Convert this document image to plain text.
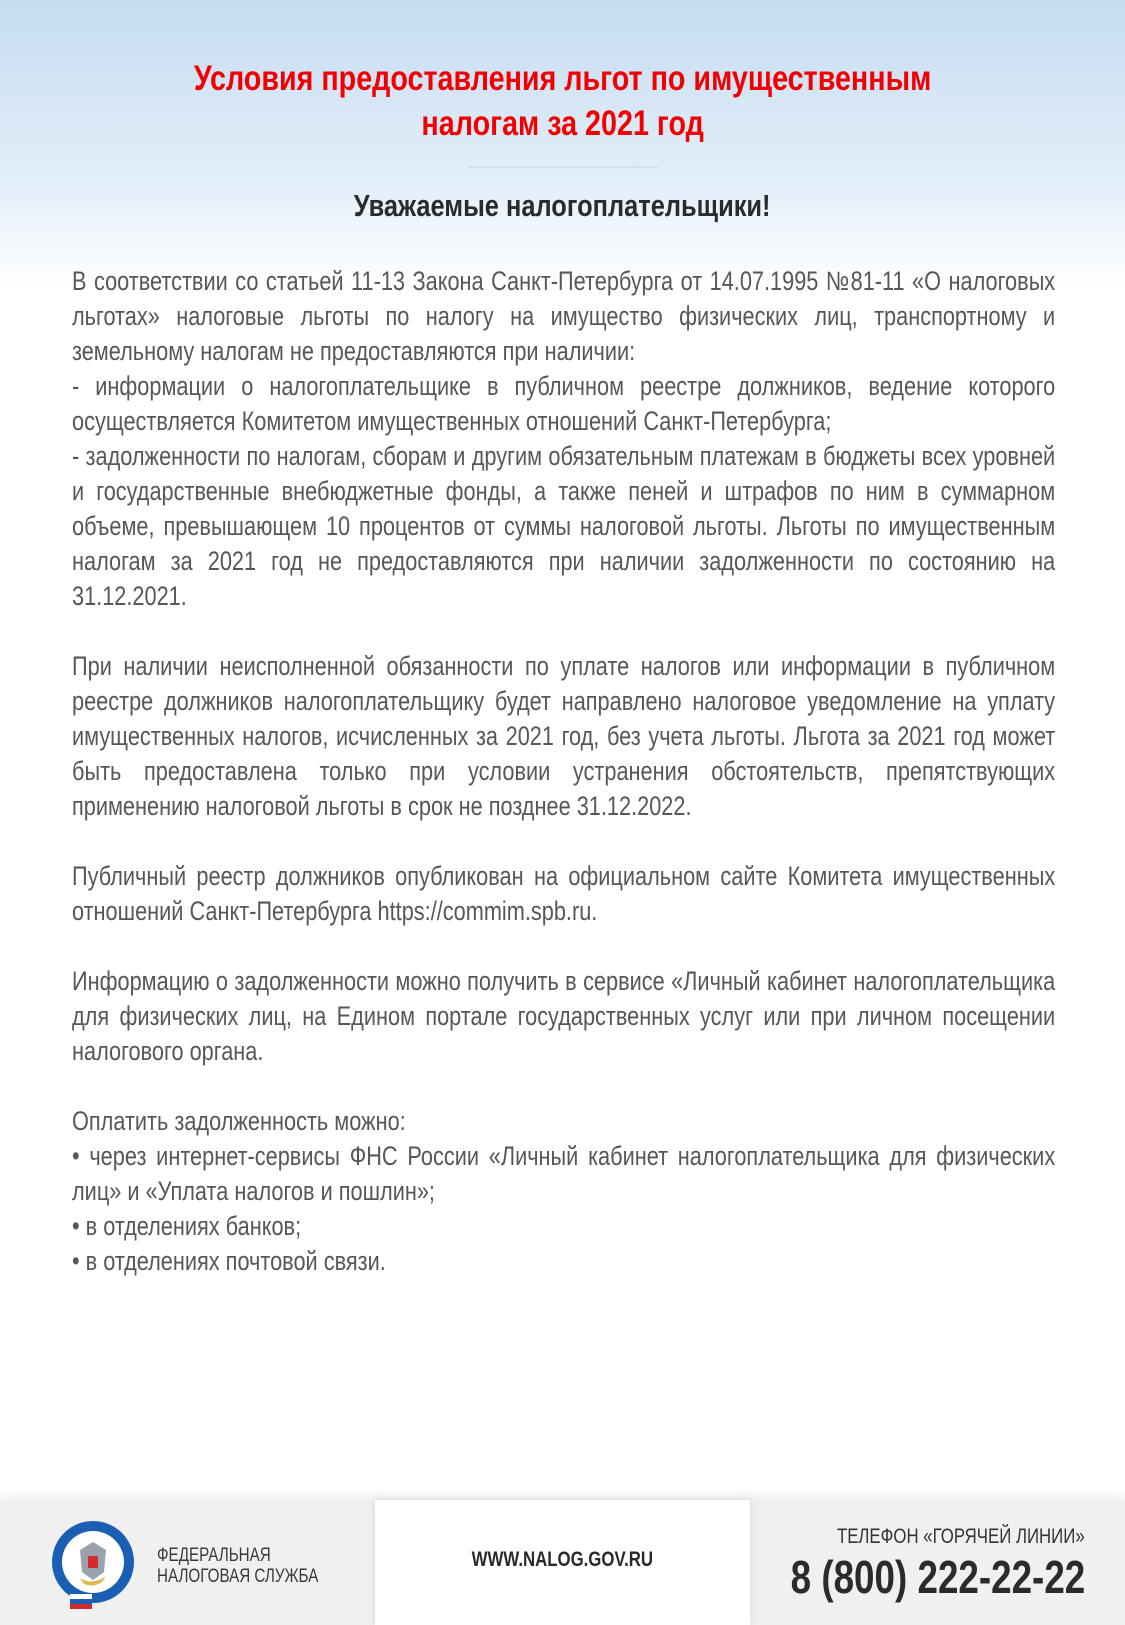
Условия предоставления льгот по имущественным
налогам за 2021 год
Уважаемые налогоплательщики!

В соответствии со статьей 11-13 Закона Санкт-Петербурга от 14.07.1995 №81-11 «О налоговых льготах» налоговые льготы по налогу на имущество физических лиц, транспортному и земельному налогам не предоставляются при наличии:

- информации о налогоплательщике в публичном реестре должников, ведение которого осуществляется Комитетом имущественных отношений Санкт-Петербурга;

- задолженности по налогам, сборам и другим обязательным платежам в бюджеты всех уровней и государственные внебюджетные фонды, а также пеней и штрафов по ним в суммарном объеме, превышающем 10 процентов от суммы налоговой льготы. Льготы по имущественным налогам за 2021 год не предоставляются при наличии задолженности по состоянию на 31.12.2021.

При наличии неисполненной обязанности по уплате налогов или информации в публичном реестре должников налогоплательщику будет направлено налоговое уведомление на уплату имущественных налогов, исчисленных за 2021 год, без учета льготы. Льгота за 2021 год может быть предоставлена только при условии устранения обстоятельств, препятствующих применению налоговой льготы в срок не позднее 31.12.2022.

Публичный реестр должников опубликован на официальном сайте Комитета имущественных отношений Санкт-Петербурга https://commim.spb.ru.

Информацию о задолженности можно получить в сервисе «Личный кабинет налогоплательщика для физических лиц, на Едином портале государственных услуг или при личном посещении налогового органа.

Оплатить задолженность можно:

• через интернет-сервисы ФНС России «Личный кабинет налогоплательщика для физических лиц» и «Уплата налогов и пошлин»;

• в отделениях банков;

• в отделениях почтовой связи.

ФЕДЕРАЛЬНАЯ
НАЛОГОВАЯ СЛУЖБА
WWW.NALOG.GOV.RU
ТЕЛЕФОН «ГОРЯЧЕЙ ЛИНИИ»
8 (800) 222-22-22
